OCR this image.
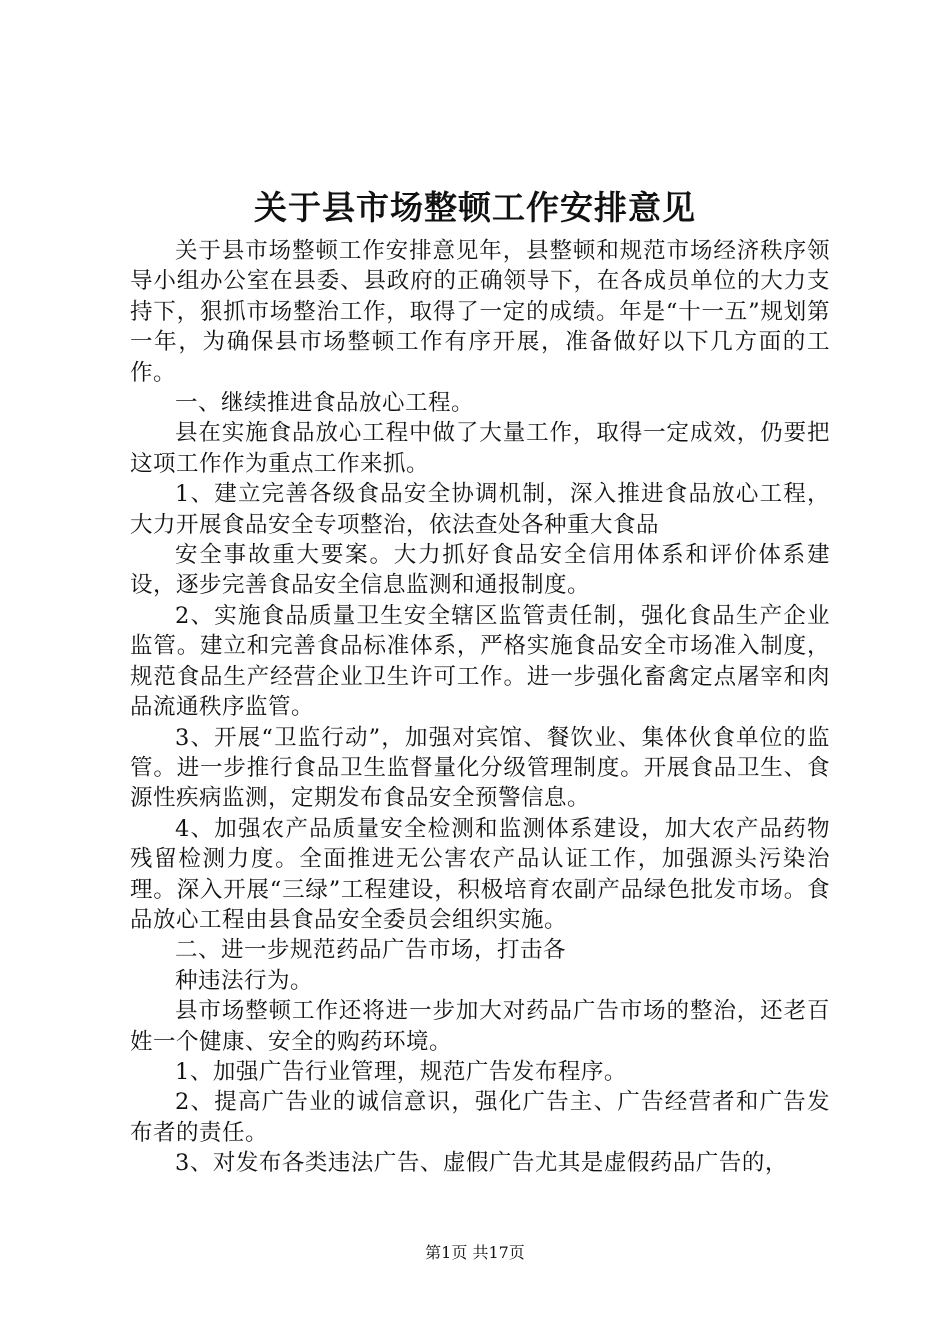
关于县市场整顿工作安排意见

关于县市场整顿工作安排意见年，县整顿和规范市场经济秩序领导小组办公室在县委、县政府的正确领导下，在各成员单位的大力支持下，狠抓市场整治工作，取得了一定的成绩。年是“十一五”规划第一年，为确保县市场整顿工作有序开展，准备做好以下几方面的工作。

一、继续推进食品放心工程。

县在实施食品放心工程中做了大量工作，取得一定成效，仍要把这项工作作为重点工作来抓。

1、建立完善各级食品安全协调机制，深入推进食品放心工程，大力开展食品安全专项整治，依法查处各种重大食品

安全事故重大要案。大力抓好食品安全信用体系和评价体系建设，逐步完善食品安全信息监测和通报制度。

2、实施食品质量卫生安全辖区监管责任制，强化食品生产企业监管。建立和完善食品标准体系，严格实施食品安全市场准入制度，规范食品生产经营企业卫生许可工作。进一步强化畜禽定点屠宰和肉品流通秩序监管。

3、开展“卫监行动”，加强对宾馆、餐饮业、集体伙食单位的监管。进一步推行食品卫生监督量化分级管理制度。开展食品卫生、食源性疾病监测，定期发布食品安全预警信息。

4、加强农产品质量安全检测和监测体系建设，加大农产品药物残留检测力度。全面推进无公害农产品认证工作，加强源头污染治理。深入开展“三绿”工程建设，积极培育农副产品绿色批发市场。食品放心工程由县食品安全委员会组织实施。

二、进一步规范药品广告市场，打击各

种违法行为。

县市场整顿工作还将进一步加大对药品广告市场的整治，还老百姓一个健康、安全的购药环境。

1、加强广告行业管理，规范广告发布程序。

2、提高广告业的诚信意识，强化广告主、广告经营者和广告发布者的责任。

3、对发布各类违法广告、虚假广告尤其是虚假药品广告的，

第1页 共17页
